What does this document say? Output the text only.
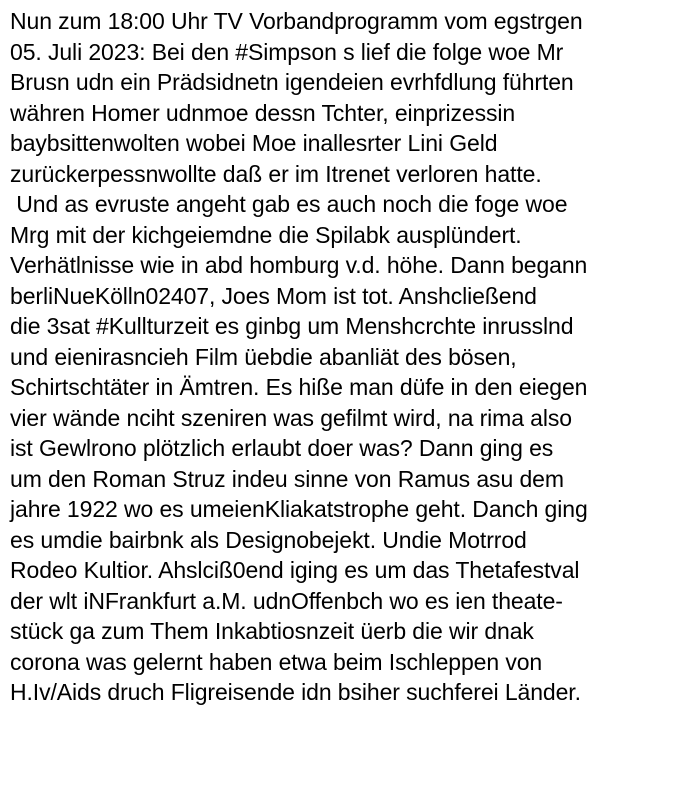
Nun zum 18:00 Uhr TV Vorbandprogramm vom egstrgen
05. Juli 2023: Bei den #Simpson s lief die folge woe Mr
Brusn udn ein Prädsidnetn igendeien evrhfdlung führten
währen Homer udnmoe dessn Tchter, einprizessin
baybsittenwolten wobei Moe inallesrter Lini Geld
zurückerpessnwollte daß er im Itrenet verloren hatte.
Und as evruste angeht gab es auch noch die foge woe
Mrg mit der kichgeiemdne die Spilabk ausplündert.
Verhätlnisse wie in abd homburg v.d. höhe. Dann begann
berliNueKölln02407, Joes Mom ist tot. Anshcließend
die 3sat #Kullturzeit es ginbg um Menshcrchte inrusslnd
und eienirasncieh Film üebdie abanliät des bösen,
Schirtschtäter in Ämtren. Es hiße man düfe in den eiegen
vier wände nciht szeniren was gefilmt wird, na rima also
ist Gewlrono plötzlich erlaubt doer was? Dann ging es
um den Roman Struz indeu sinne von Ramus asu dem
jahre 1922 wo es umeienKliakatstrophe geht. Danch ging
es umdie bairbnk als Designobejekt. Undie Motrrod
Rodeo Kultior. Ahslciß0end iging es um das Thetafestval
der wlt iNFrankfurt a.M. udnOffenbch wo es ien theate-
stück ga zum Them Inkabtiosnzeit üerb die wir dnak
corona was gelernt haben etwa beim Ischleppen von
H.Iv/Aids druch Fligreisende idn bsiher suchferei Länder.
